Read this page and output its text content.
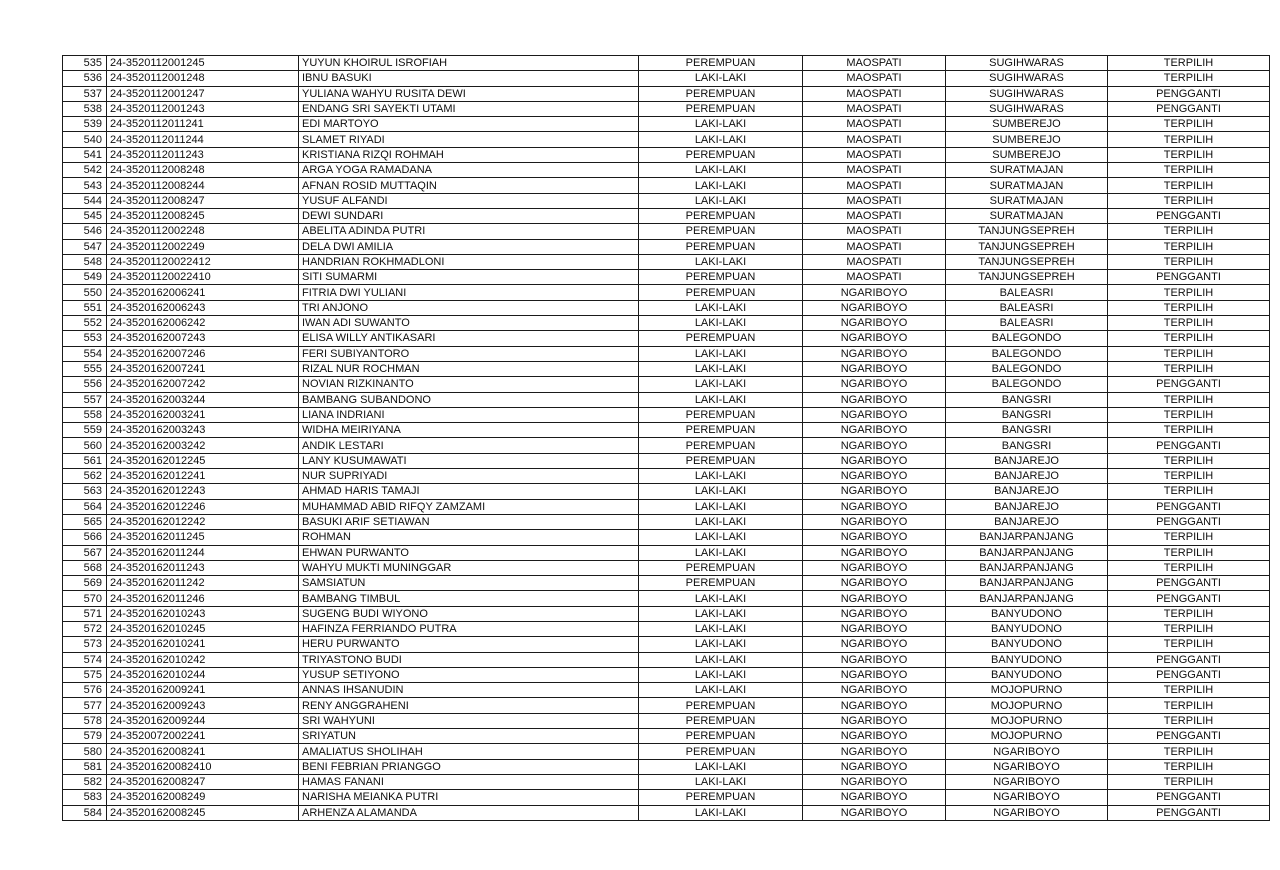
535	24-3520112001245	YUYUN KHOIRUL ISROFIAH	PEREMPUAN	MAOSPATI	SUGIHWARAS	TERPILIH
536	24-3520112001248	IBNU BASUKI	LAKI-LAKI	MAOSPATI	SUGIHWARAS	TERPILIH
537	24-3520112001247	YULIANA WAHYU RUSITA DEWI	PEREMPUAN	MAOSPATI	SUGIHWARAS	PENGGANTI
538	24-3520112001243	ENDANG SRI SAYEKTI UTAMI	PEREMPUAN	MAOSPATI	SUGIHWARAS	PENGGANTI
539	24-3520112011241	EDI MARTOYO	LAKI-LAKI	MAOSPATI	SUMBEREJO	TERPILIH
540	24-3520112011244	SLAMET RIYADI	LAKI-LAKI	MAOSPATI	SUMBEREJO	TERPILIH
541	24-3520112011243	KRISTIANA RIZQI ROHMAH	PEREMPUAN	MAOSPATI	SUMBEREJO	TERPILIH
542	24-3520112008248	ARGA YOGA RAMADANA	LAKI-LAKI	MAOSPATI	SURATMAJAN	TERPILIH
543	24-3520112008244	AFNAN ROSID MUTTAQIN	LAKI-LAKI	MAOSPATI	SURATMAJAN	TERPILIH
544	24-3520112008247	YUSUF ALFANDI	LAKI-LAKI	MAOSPATI	SURATMAJAN	TERPILIH
545	24-3520112008245	DEWI SUNDARI	PEREMPUAN	MAOSPATI	SURATMAJAN	PENGGANTI
546	24-3520112002248	ABELITA ADINDA PUTRI	PEREMPUAN	MAOSPATI	TANJUNGSEPREH	TERPILIH
547	24-3520112002249	DELA DWI AMILIA	PEREMPUAN	MAOSPATI	TANJUNGSEPREH	TERPILIH
548	24-35201120022412	HANDRIAN ROKHMADLONI	LAKI-LAKI	MAOSPATI	TANJUNGSEPREH	TERPILIH
549	24-35201120022410	SITI SUMARMI	PEREMPUAN	MAOSPATI	TANJUNGSEPREH	PENGGANTI
550	24-3520162006241	FITRIA DWI YULIANI	PEREMPUAN	NGARIBOYO	BALEASRI	TERPILIH
551	24-3520162006243	TRI ANJONO	LAKI-LAKI	NGARIBOYO	BALEASRI	TERPILIH
552	24-3520162006242	IWAN ADI SUWANTO	LAKI-LAKI	NGARIBOYO	BALEASRI	TERPILIH
553	24-3520162007243	ELISA WILLY ANTIKASARI	PEREMPUAN	NGARIBOYO	BALEGONDO	TERPILIH
554	24-3520162007246	FERI SUBIYANTORO	LAKI-LAKI	NGARIBOYO	BALEGONDO	TERPILIH
555	24-3520162007241	RIZAL NUR ROCHMAN	LAKI-LAKI	NGARIBOYO	BALEGONDO	TERPILIH
556	24-3520162007242	NOVIAN RIZKINANTO	LAKI-LAKI	NGARIBOYO	BALEGONDO	PENGGANTI
557	24-3520162003244	BAMBANG SUBANDONO	LAKI-LAKI	NGARIBOYO	BANGSRI	TERPILIH
558	24-3520162003241	LIANA INDRIANI	PEREMPUAN	NGARIBOYO	BANGSRI	TERPILIH
559	24-3520162003243	WIDHA MEIRIYANA	PEREMPUAN	NGARIBOYO	BANGSRI	TERPILIH
560	24-3520162003242	ANDIK LESTARI	PEREMPUAN	NGARIBOYO	BANGSRI	PENGGANTI
561	24-3520162012245	LANY KUSUMAWATI	PEREMPUAN	NGARIBOYO	BANJAREJO	TERPILIH
562	24-3520162012241	NUR SUPRIYADI	LAKI-LAKI	NGARIBOYO	BANJAREJO	TERPILIH
563	24-3520162012243	AHMAD HARIS TAMAJI	LAKI-LAKI	NGARIBOYO	BANJAREJO	TERPILIH
564	24-3520162012246	MUHAMMAD ABID RIFQY ZAMZAMI	LAKI-LAKI	NGARIBOYO	BANJAREJO	PENGGANTI
565	24-3520162012242	BASUKI ARIF SETIAWAN	LAKI-LAKI	NGARIBOYO	BANJAREJO	PENGGANTI
566	24-3520162011245	ROHMAN	LAKI-LAKI	NGARIBOYO	BANJARPANJANG	TERPILIH
567	24-3520162011244	EHWAN PURWANTO	LAKI-LAKI	NGARIBOYO	BANJARPANJANG	TERPILIH
568	24-3520162011243	WAHYU MUKTI MUNINGGAR	PEREMPUAN	NGARIBOYO	BANJARPANJANG	TERPILIH
569	24-3520162011242	SAMSIATUN	PEREMPUAN	NGARIBOYO	BANJARPANJANG	PENGGANTI
570	24-3520162011246	BAMBANG TIMBUL	LAKI-LAKI	NGARIBOYO	BANJARPANJANG	PENGGANTI
571	24-3520162010243	SUGENG BUDI WIYONO	LAKI-LAKI	NGARIBOYO	BANYUDONO	TERPILIH
572	24-3520162010245	HAFINZA FERRIANDO PUTRA	LAKI-LAKI	NGARIBOYO	BANYUDONO	TERPILIH
573	24-3520162010241	HERU PURWANTO	LAKI-LAKI	NGARIBOYO	BANYUDONO	TERPILIH
574	24-3520162010242	TRIYASTONO BUDI	LAKI-LAKI	NGARIBOYO	BANYUDONO	PENGGANTI
575	24-3520162010244	YUSUP SETIYONO	LAKI-LAKI	NGARIBOYO	BANYUDONO	PENGGANTI
576	24-3520162009241	ANNAS IHSANUDIN	LAKI-LAKI	NGARIBOYO	MOJOPURNO	TERPILIH
577	24-3520162009243	RENY ANGGRAHENI	PEREMPUAN	NGARIBOYO	MOJOPURNO	TERPILIH
578	24-3520162009244	SRI WAHYUNI	PEREMPUAN	NGARIBOYO	MOJOPURNO	TERPILIH
579	24-3520072002241	SRIYATUN	PEREMPUAN	NGARIBOYO	MOJOPURNO	PENGGANTI
580	24-3520162008241	AMALIATUS SHOLIHAH	PEREMPUAN	NGARIBOYO	NGARIBOYO	TERPILIH
581	24-35201620082410	BENI FEBRIAN PRIANGGO	LAKI-LAKI	NGARIBOYO	NGARIBOYO	TERPILIH
582	24-3520162008247	HAMAS FANANI	LAKI-LAKI	NGARIBOYO	NGARIBOYO	TERPILIH
583	24-3520162008249	NARISHA MEIANKA PUTRI	PEREMPUAN	NGARIBOYO	NGARIBOYO	PENGGANTI
584	24-3520162008245	ARHENZA ALAMANDA	LAKI-LAKI	NGARIBOYO	NGARIBOYO	PENGGANTI
